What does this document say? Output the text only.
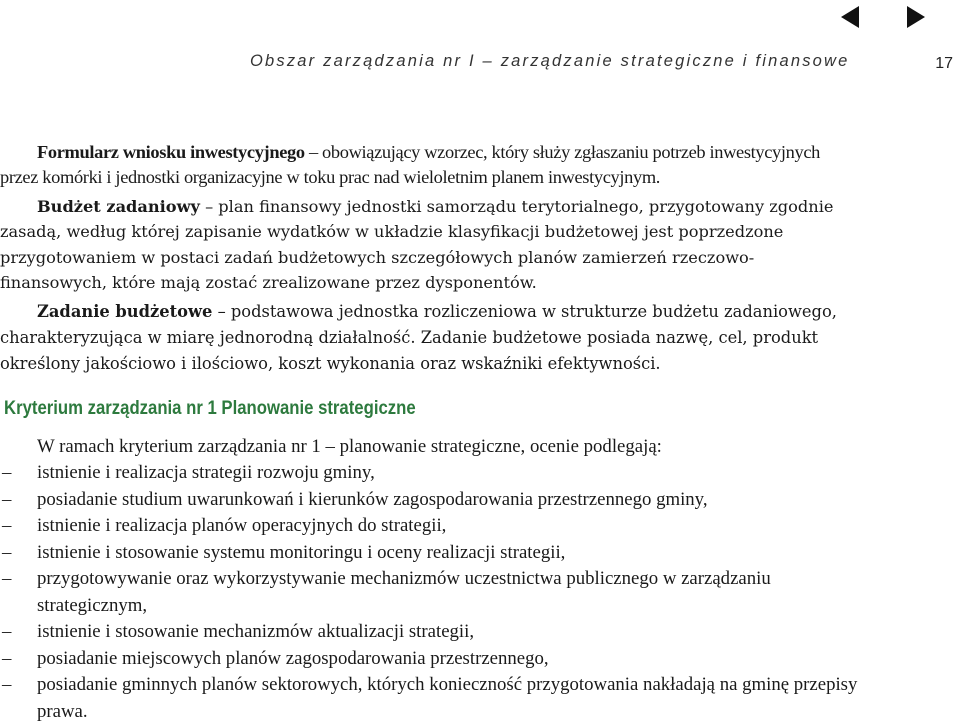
Obszar zarządzania nr I – zarządzanie strategiczne i finansowe	17

Formularz wniosku inwestycyjnego – obowiązujący wzorzec, który służy zgłaszaniu potrzeb inwestycyjnych przez komórki i jednostki organizacyjne w toku prac nad wieloletnim planem inwestycyjnym.

Budżet zadaniowy – plan finansowy jednostki samorządu terytorialnego, przygotowany zgodnie zasadą, według której zapisanie wydatków w układzie klasyfikacji budżetowej jest poprzedzone przygotowaniem w postaci zadań budżetowych szczegółowych planów zamierzeń rzeczowo-finansowych, które mają zostać zrealizowane przez dysponentów.

Zadanie budżetowe – podstawowa jednostka rozliczeniowa w strukturze budżetu zadaniowego, charakteryzująca w miarę jednorodną działalność. Zadanie budżetowe posiada nazwę, cel, produkt określony jakościowo i ilościowo, koszt wykonania oraz wskaźniki efektywności.

Kryterium zarządzania nr 1 Planowanie strategiczne
W ramach kryterium zarządzania nr 1 – planowanie strategiczne, ocenie podlegają:
– istnienie i realizacja strategii rozwoju gminy,
– posiadanie studium uwarunkowań i kierunków zagospodarowania przestrzennego gminy,
– istnienie i realizacja planów operacyjnych do strategii,
– istnienie i stosowanie systemu monitoringu i oceny realizacji strategii,
– przygotowywanie oraz wykorzystywanie mechanizmów uczestnictwa publicznego w zarządzaniu strategicznym,
– istnienie i stosowanie mechanizmów aktualizacji strategii,
– posiadanie miejscowych planów zagospodarowania przestrzennego,
– posiadanie gminnych planów sektorowych, których konieczność przygotowania nakładają na gminę przepisy prawa.
